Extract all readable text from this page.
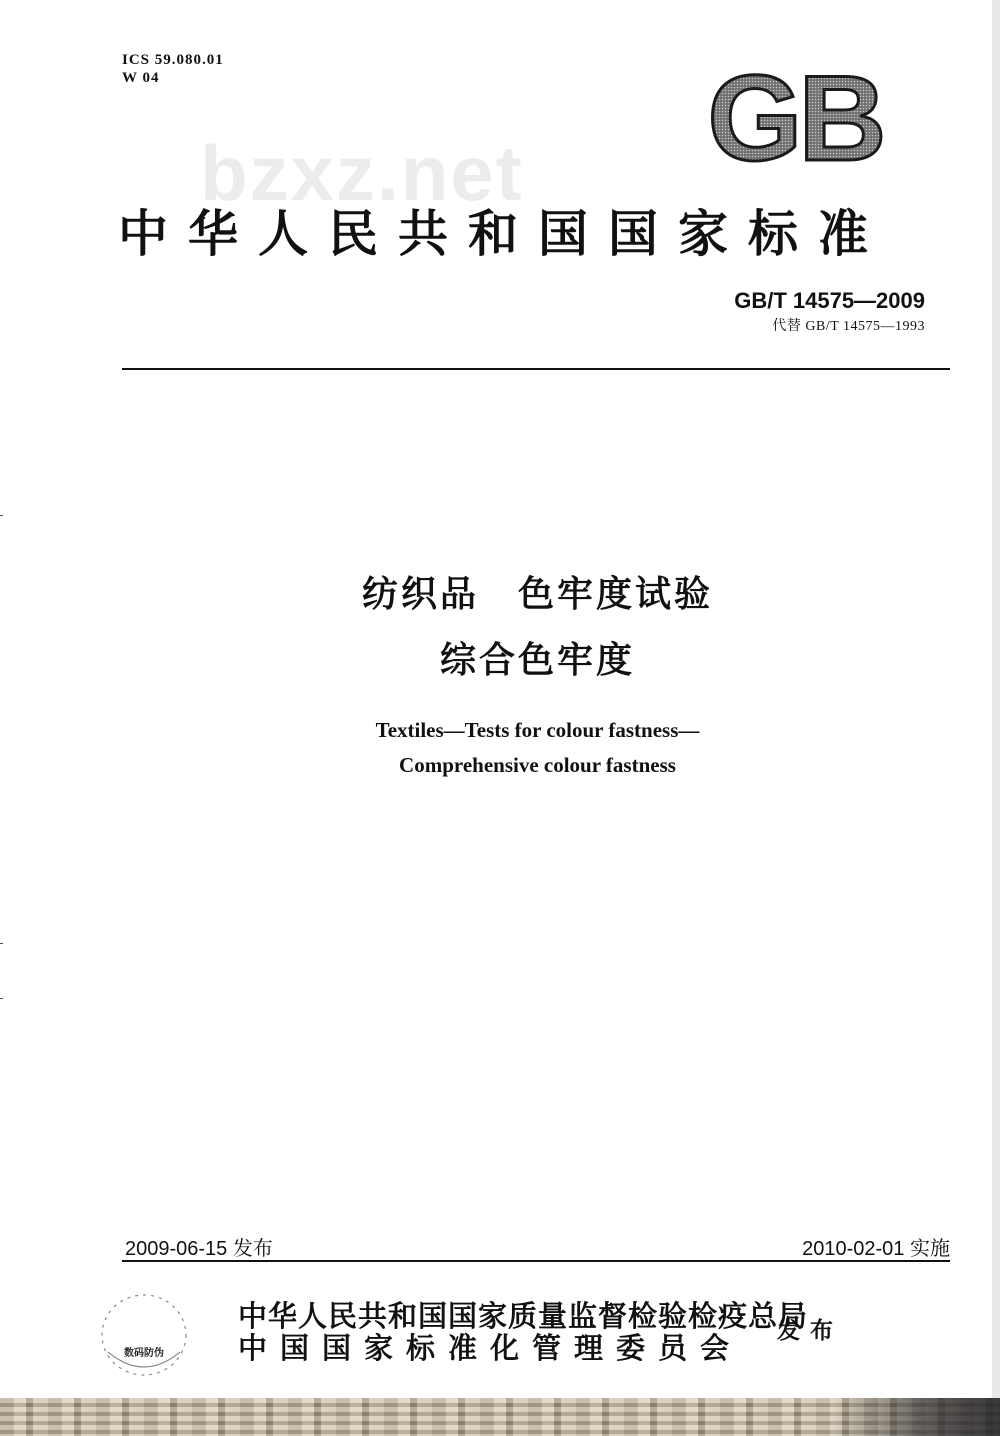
ICS 59.080.01
W 04	GB
bzxz.net
中华人民共和国国家标准
GB/T 14575—2009
代替 GB/T 14575—1993
纺织品　色牢度试验
综合色牢度
Textiles—Tests for colour fastness—
Comprehensive colour fastness
2009-06-15 发布	2010-02-01 实施
数码防伪
中华人民共和国国家质量监督检验检疫总局
中国国家标准化管理委员会 发布
